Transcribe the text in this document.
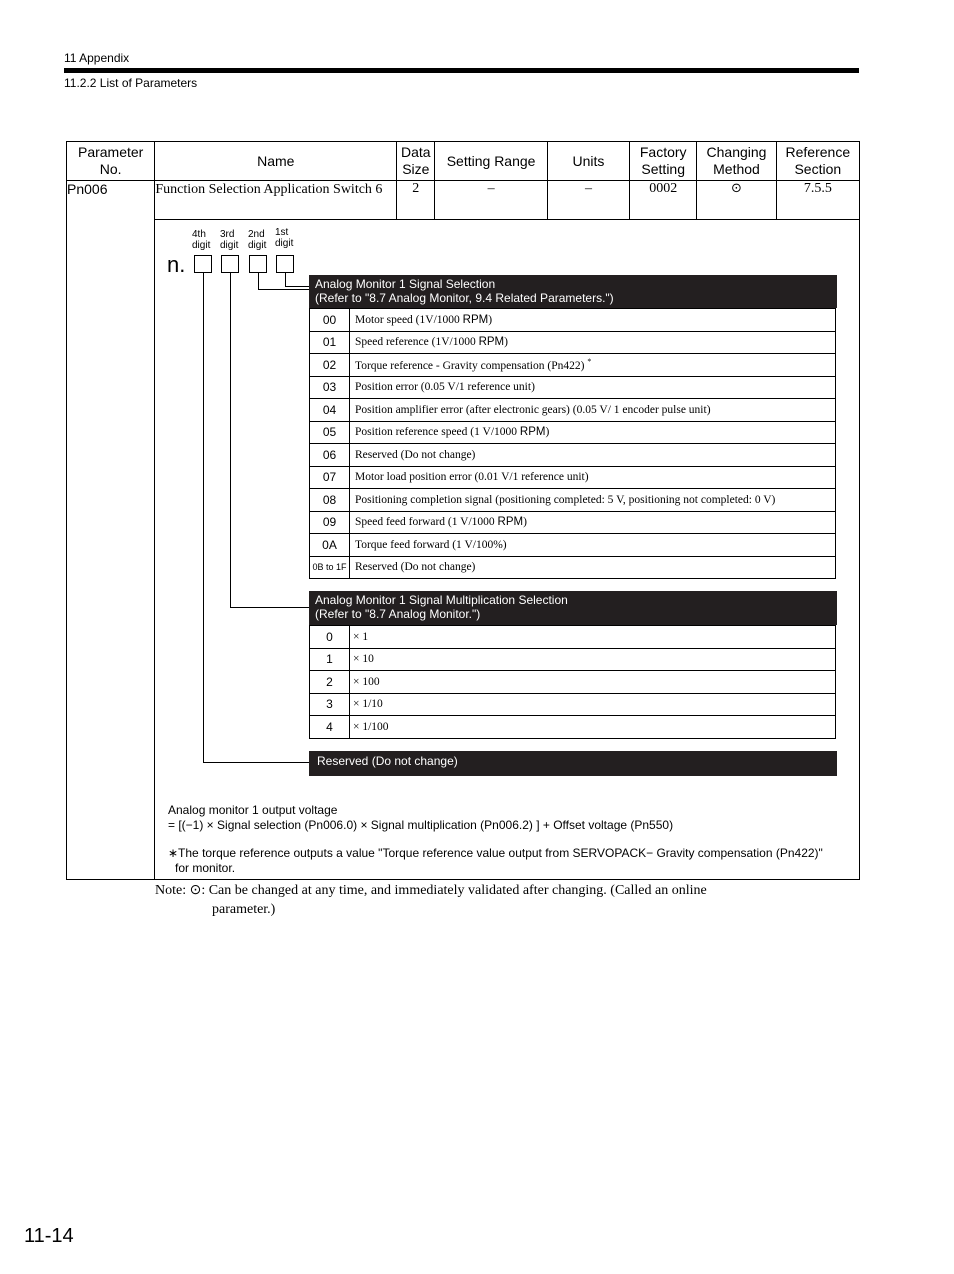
11 Appendix
11.2.2 List of Parameters
Parameter No.	Name	Data Size	Setting Range	Units	Factory Setting	Changing Method	Reference Section
Pn006	Function Selection Application Switch 6	2	–	–	0002	⊙	7.5.5

4th
digit
3rd
digit
2nd
digit
1st
digit
n.
Analog Monitor 1 Signal Selection
(Refer to "8.7 Analog Monitor, 9.4 Related Parameters.")
00	Motor speed (1V/1000 RPM)
01	Speed reference (1V/1000 RPM)
02	Torque reference - Gravity compensation (Pn422) *
03	Position error (0.05 V/1 reference unit)
04	Position amplifier error (after electronic gears) (0.05 V/ 1 encoder pulse unit)
05	Position reference speed (1 V/1000 RPM)
06	Reserved (Do not change)
07	Motor load position error (0.01 V/1 reference unit)
08	Positioning completion signal (positioning completed: 5 V, positioning not completed: 0 V)
09	Speed feed forward (1 V/1000 RPM)
0A	Torque feed forward (1 V/100%)
0B to 1F	Reserved (Do not change)
Analog Monitor 1 Signal Multiplication Selection
(Refer to "8.7 Analog Monitor.")
0	× 1
1	× 10
2	× 100
3	× 1/10
4	× 1/100
Reserved (Do not change)
Analog monitor 1 output voltage
= [(−1) × Signal selection (Pn006.0) × Signal multiplication (Pn006.2) ] + Offset voltage (Pn550)
∗The torque reference outputs a value "Torque reference value output from SERVOPACK− Gravity compensation (Pn422)"
for monitor.
Note: ⊙: Can be changed at any time, and immediately validated after changing. (Called an online
parameter.)
11-14
